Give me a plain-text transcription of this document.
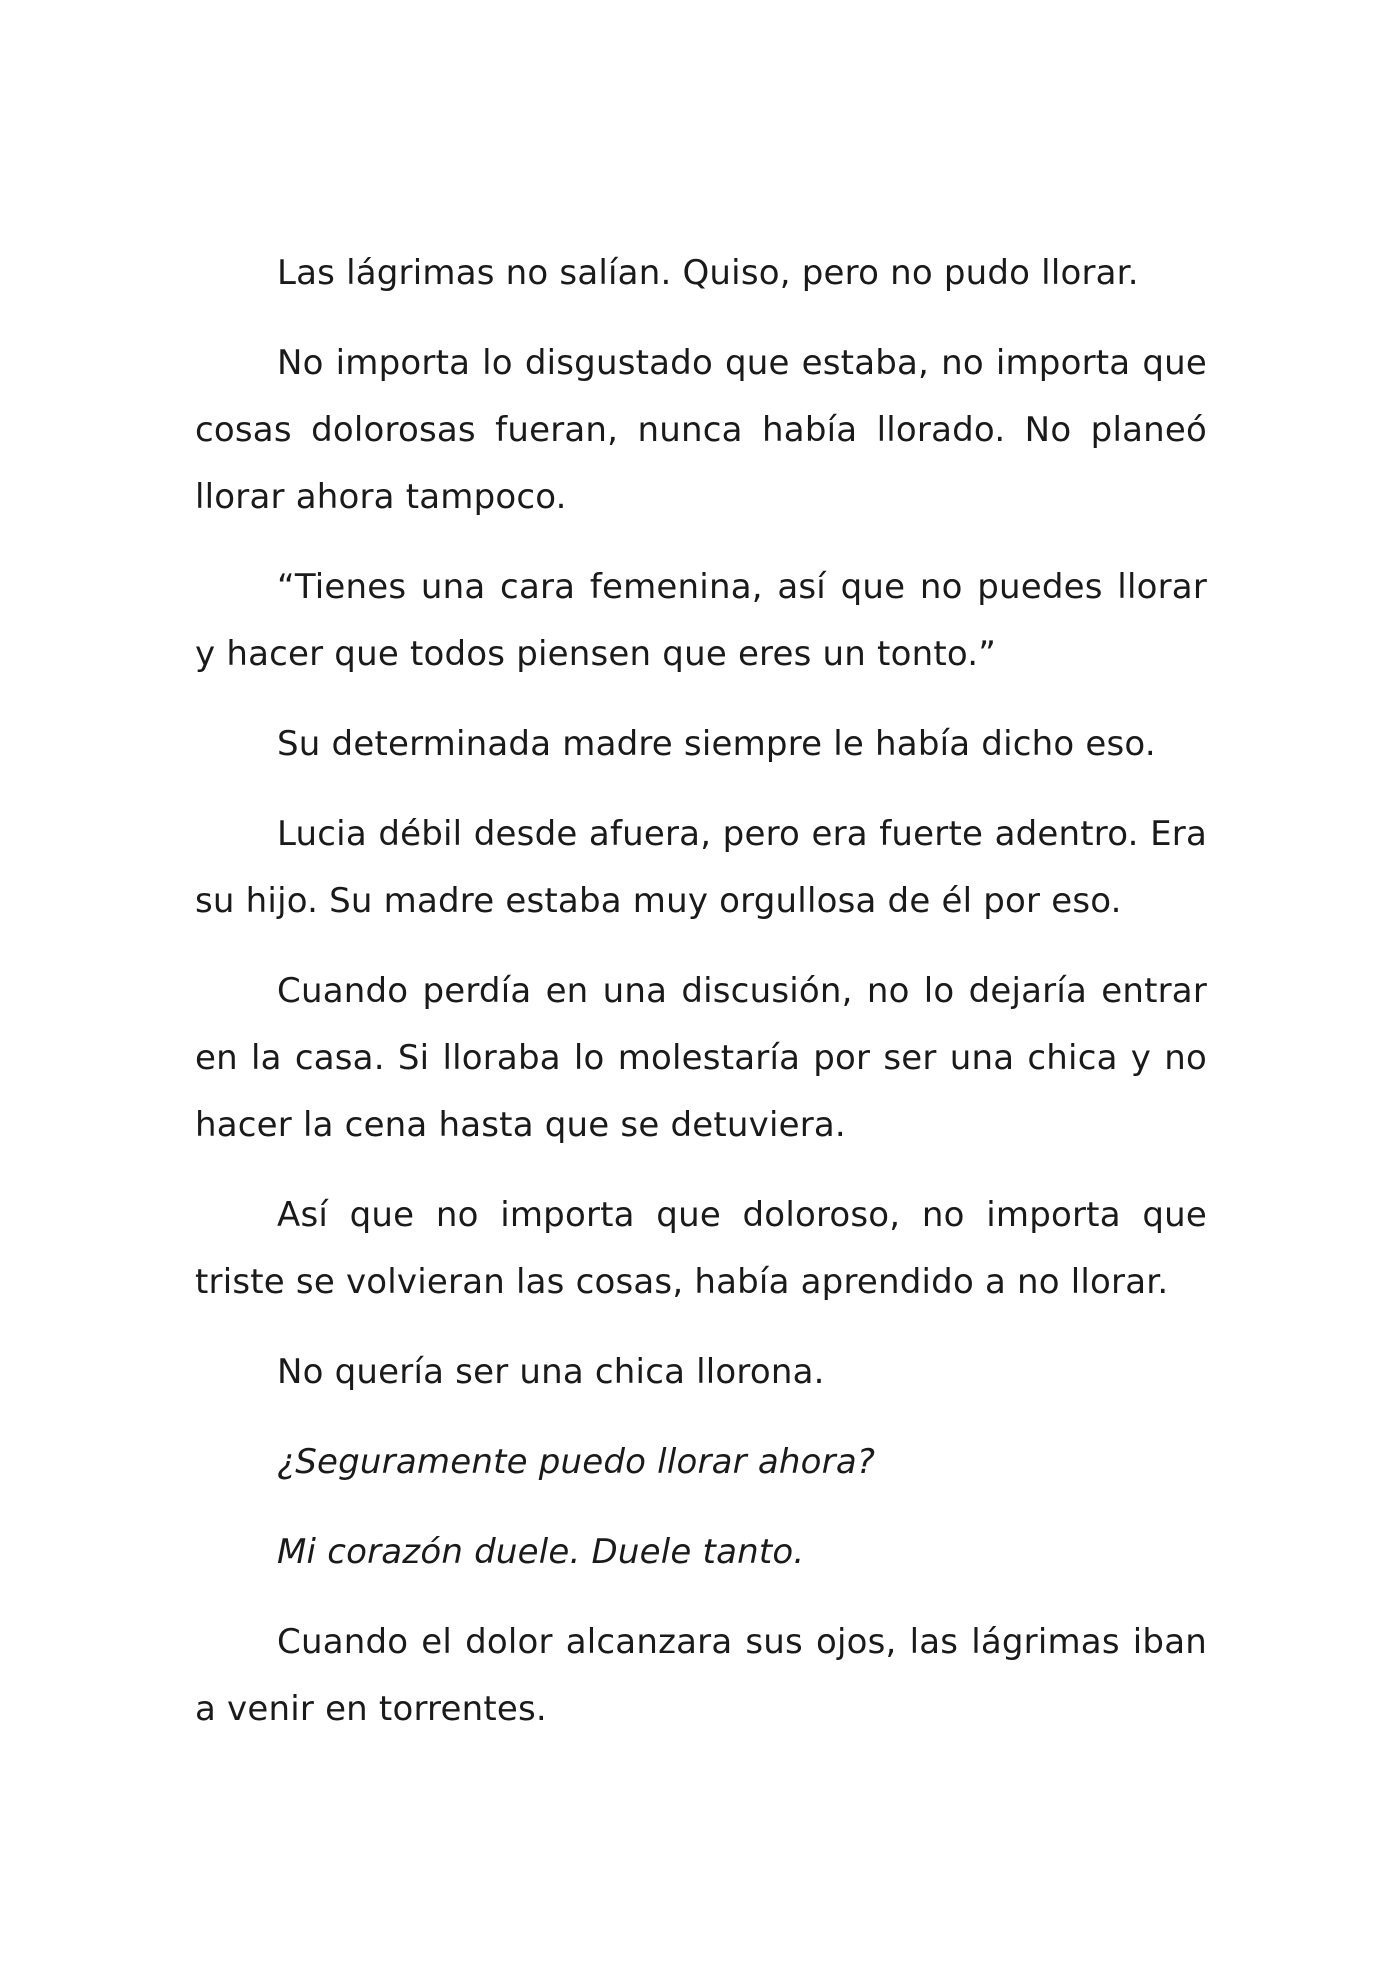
Las lágrimas no salían. Quiso, pero no pudo llorar.

No importa lo disgustado que estaba, no importa que cosas dolorosas fueran, nunca había llorado. No planeó llorar ahora tampoco.

“Tienes una cara femenina, así que no puedes llorar y hacer que todos piensen que eres un tonto.”

Su determinada madre siempre le había dicho eso.

Lucia débil desde afuera, pero era fuerte adentro. Era su hijo. Su madre estaba muy orgullosa de él por eso.

Cuando perdía en una discusión, no lo dejaría entrar en la casa. Si lloraba lo molestaría por ser una chica y no hacer la cena hasta que se detuviera.

Así que no importa que doloroso, no importa que triste se volvieran las cosas, había aprendido a no llorar.

No quería ser una chica llorona.

¿Seguramente puedo llorar ahora?

Mi corazón duele. Duele tanto.

Cuando el dolor alcanzara sus ojos, las lágrimas iban a venir en torrentes.
